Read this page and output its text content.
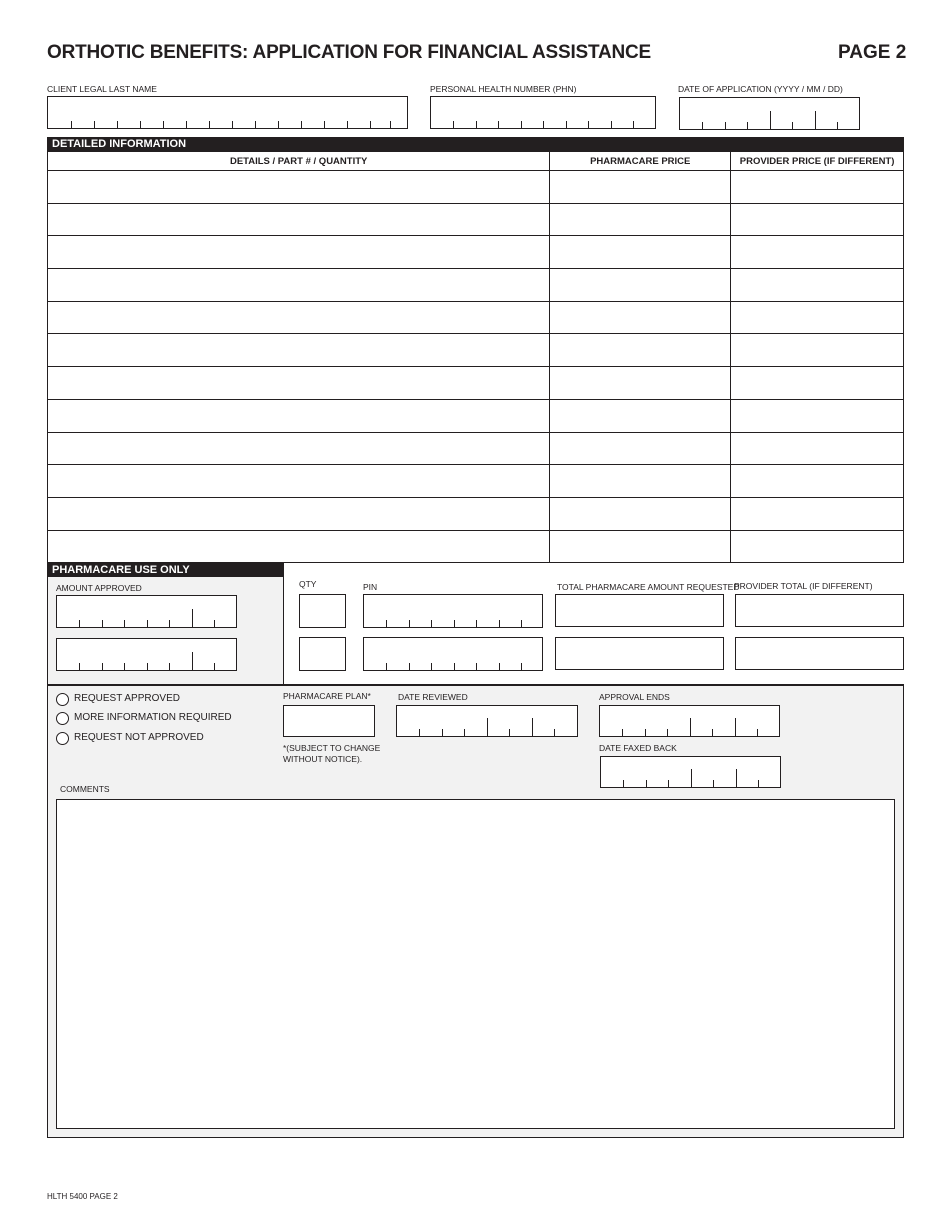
ORTHOTIC BENEFITS: APPLICATION FOR FINANCIAL ASSISTANCE	PAGE 2
CLIENT LEGAL LAST NAME	PERSONAL HEALTH NUMBER (PHN)	DATE OF APPLICATION (YYYY / MM / DD)
DETAILED INFORMATION
DETAILS / PART # / QUANTITY	PHARMACARE PRICE	PROVIDER PRICE (IF DIFFERENT)

PHARMACARE USE ONLY
AMOUNT APPROVED	QTY	PIN	TOTAL PHARMACARE AMOUNT REQUESTED
PROVIDER TOTAL (IF DIFFERENT)
REQUEST APPROVED
MORE INFORMATION REQUIRED
REQUEST NOT APPROVED
PHARMACARE PLAN*
*(SUBJECT TO CHANGE
WITHOUT NOTICE).
DATE REVIEWED	APPROVAL ENDS
DATE FAXED BACK
COMMENTS
HLTH 5400 PAGE 2
